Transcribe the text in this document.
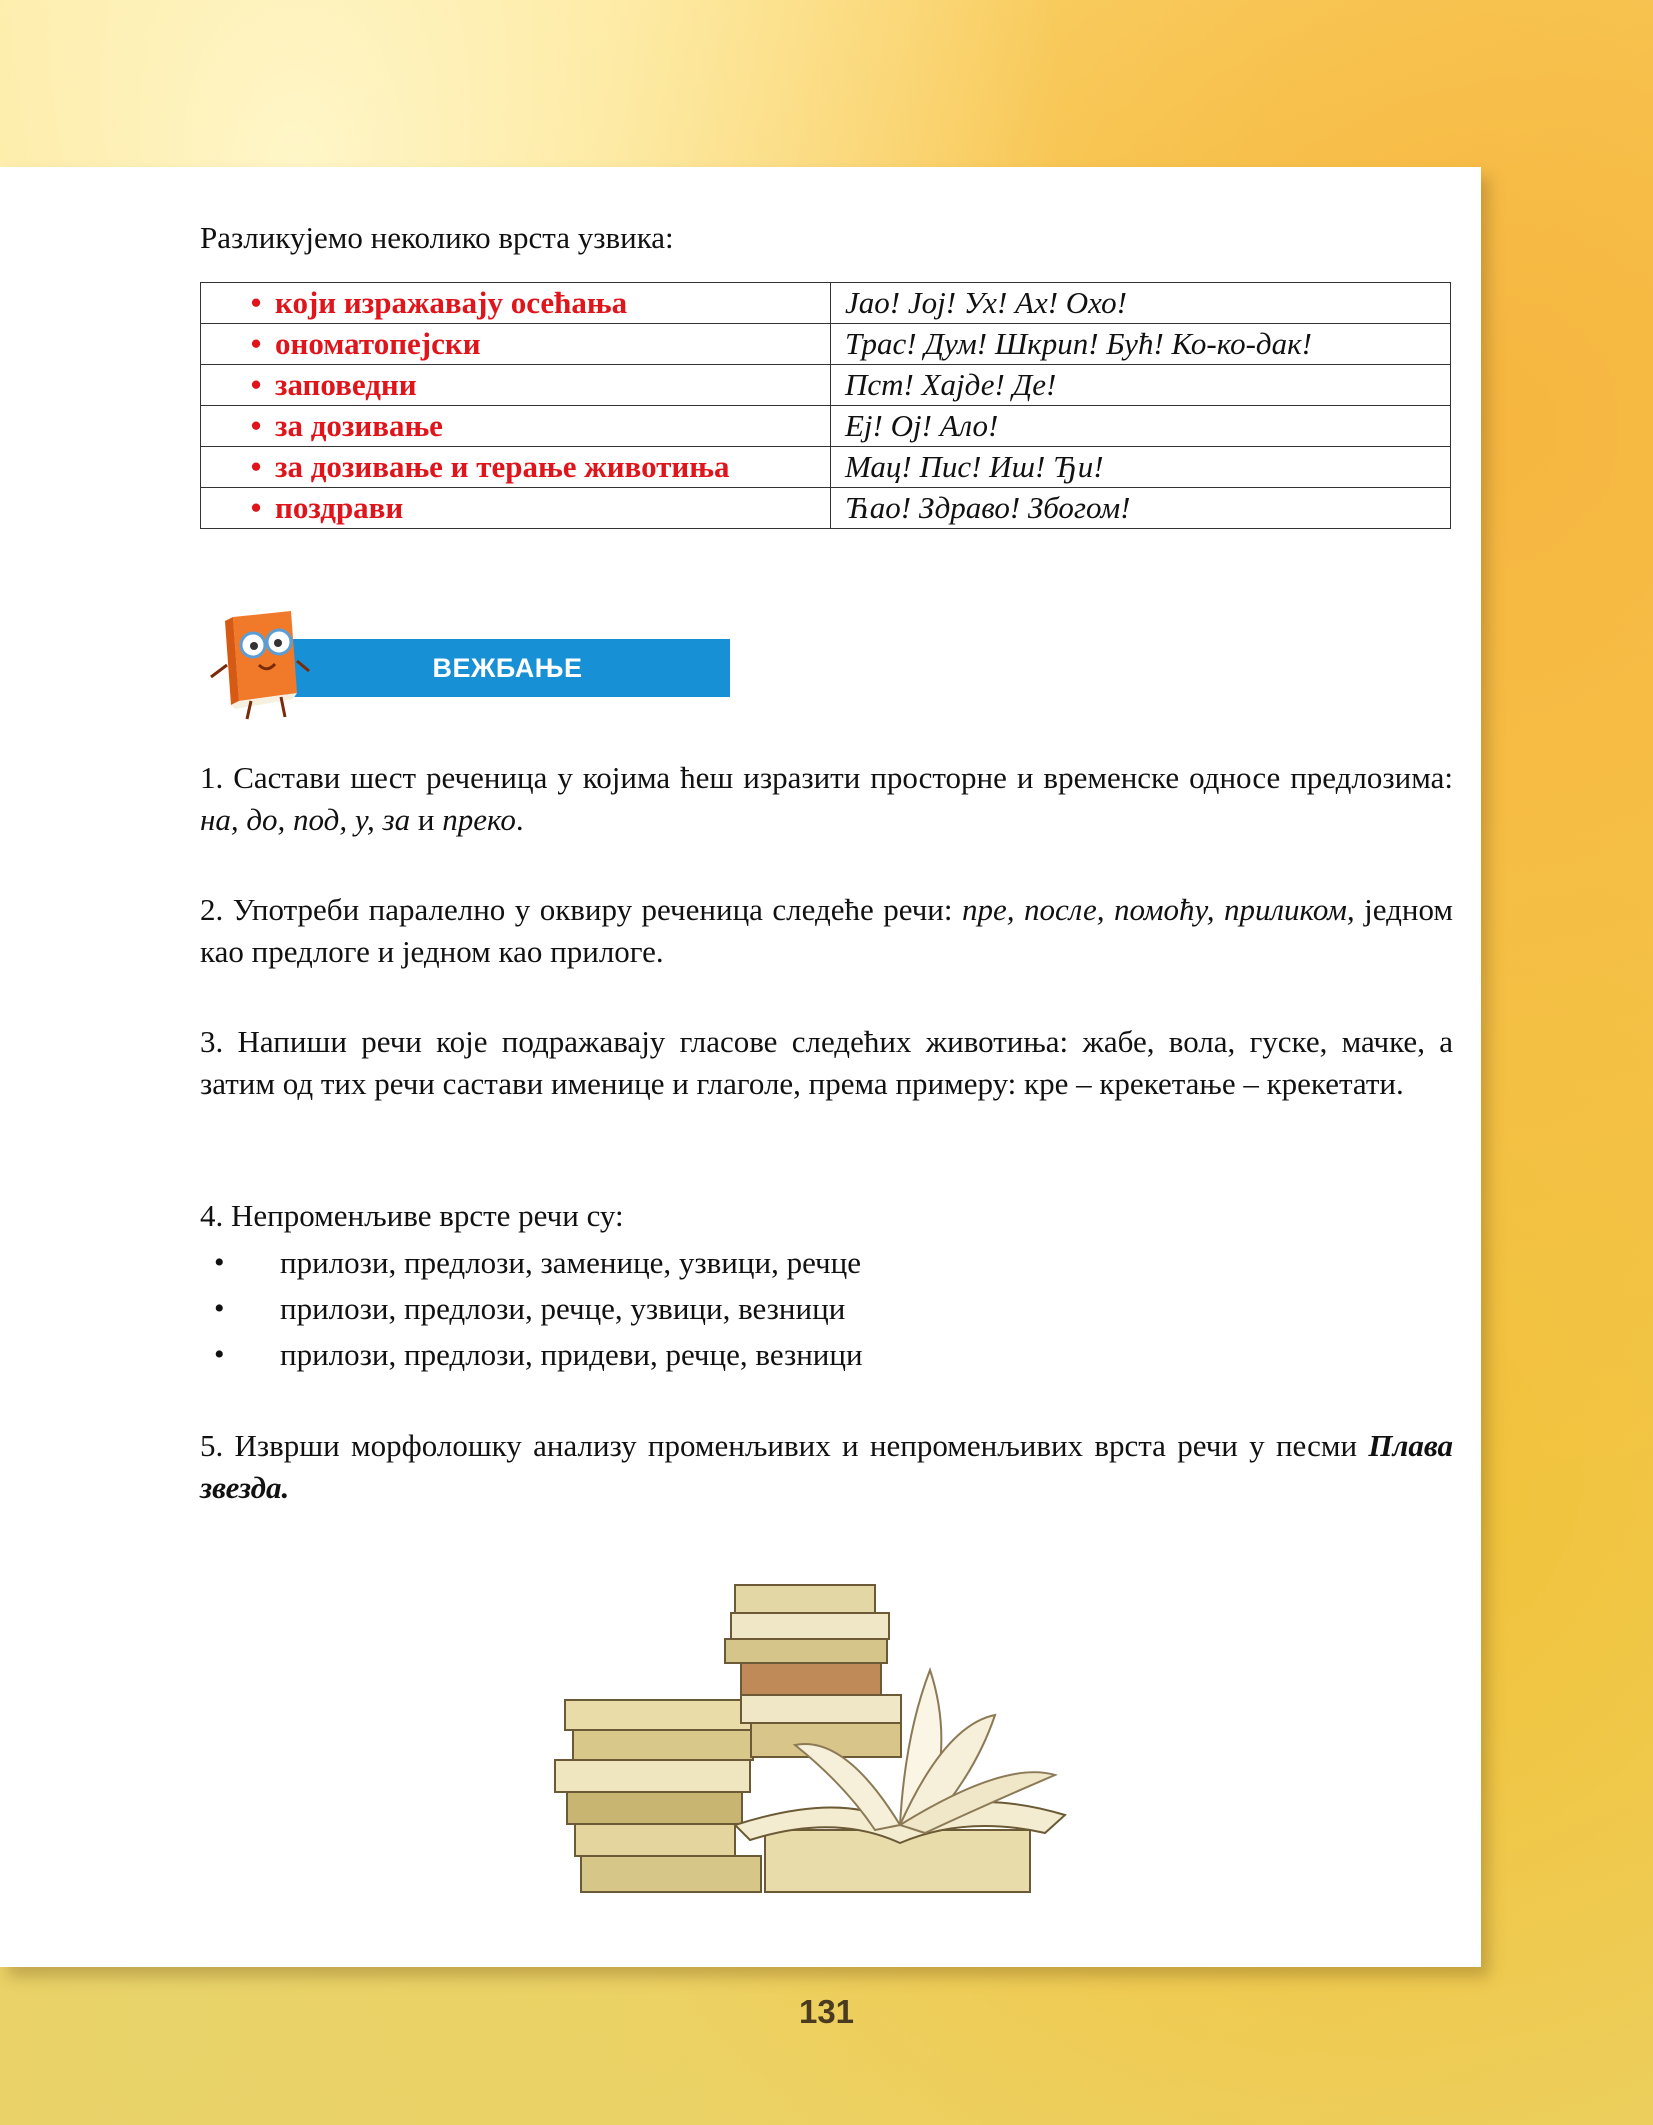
Разликујемо неколико врста узвика:
• који изражавају осећања	Јао! Јој! Ух! Ах! Охо!
• ономатопејски	Трас! Дум! Шкрип! Бућ! Ко-ко-дак!
• заповедни	Пст! Хајде! Де!
• за дозивање	Еј! Ој! Ало!
• за дозивање и терање животиња	Мац! Пис! Иш! Ђи!
• поздрави	Ћао! Здраво! Збогом!
ВЕЖБАЊЕ
1. Састави шест реченица у којима ћеш изразити просторне и временске односе предлозима: на, до, под, у, за и преко.
2. Употреби паралелно у оквиру реченица следеће речи: пре, после, помоћу, приликом, једном као предлоге и једном као прилоге.
3. Напиши речи које подражавају гласове следећих животиња: жабе, вола, гуске, мачке, а затим од тих речи састави именице и глаголе, према примеру: кре – крекетање – крекетати.
4. Непроменљиве врсте речи су:
• прилози, предлози, заменице, узвици, речце
• прилози, предлози, речце, узвици, везници
• прилози, предлози, придеви, речце, везници
5. Изврши морфолошку анализу променљивих и непроменљивих врста речи у песми Плава звезда.
131
